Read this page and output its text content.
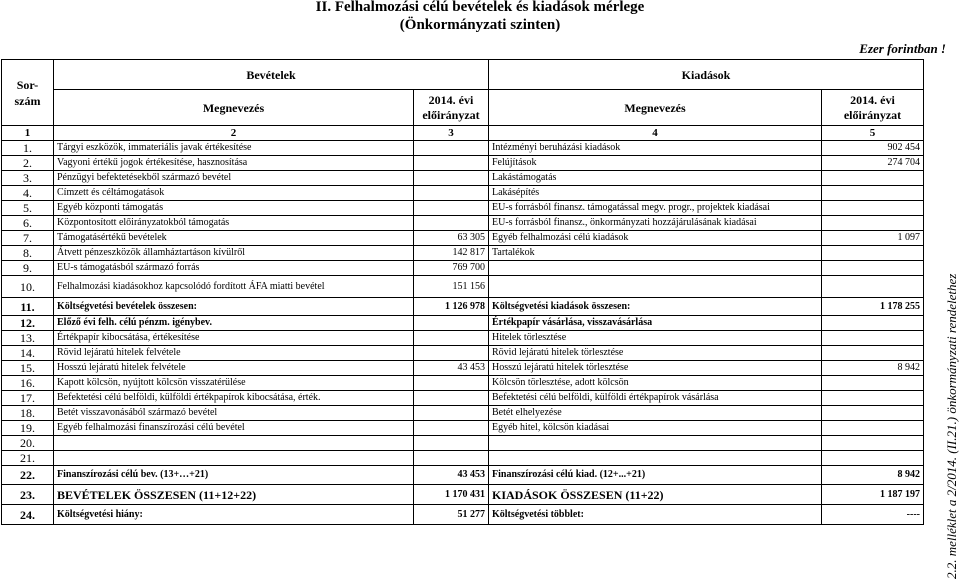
II. Felhalmozási célú bevételek és kiadások mérlege
(Önkormányzati szinten)
Ezer forintban !
Sor-szám	Bevételek		Kiadások	
	Megnevezés	2014. évi előirányzat	Megnevezés	2014. évi előirányzat
1	2	3	4	5
1.	Tárgyi eszközök, immateriális javak értékesítése		Intézményi beruházási kiadások	902 454
2.	Vagyoni értékű jogok értékesítése, hasznosítása		Felújítások	274 704
3.	Pénzügyi befektetésekből származó bevétel		Lakástámogatás	
4.	Címzett és céltámogatások		Lakásépítés	
5.	Egyéb központi támogatás		EU-s forrásból finansz. támogatással megv. progr., projektek kiadásai	
6.	Központosított előirányzatokból támogatás		EU-s forrásból finansz., önkormányzati hozzájárulásának kiadásai	
7.	Támogatásértékű bevételek	63 305	Egyéb felhalmozási célú kiadások	1 097
8.	Átvett pénzeszközök államháztartáson kívülről	142 817	Tartalékok	
9.	EU-s támogatásból származó forrás	769 700		
10.	Felhalmozási kiadásokhoz kapcsolódó fordított ÁFA miatti bevétel	151 156		
11.	Költségvetési bevételek összesen:	1 126 978	Költségvetési kiadások összesen:	1 178 255
12.	Előző évi felh. célú pénzm. igénybev.		Értékpapír vásárlása, visszavásárlása	
13.	Értékpapír kibocsátása, értékesítése		Hitelek törlesztése	
14.	Rövid lejáratú hitelek felvétele		Rövid lejáratú hitelek törlesztése	
15.	Hosszú lejáratú hitelek felvétele	43 453	Hosszú lejáratú hitelek törlesztése	8 942
16.	Kapott kölcsön, nyújtott kölcsön visszatérülése		Kölcsön törlesztése, adott kölcsön	
17.	Befektetési célú belföldi, külföldi értékpapírok kibocsátása, érték.		Befektetési célú belföldi, külföldi értékpapírok vásárlása	
18.	Betét visszavonásából származó bevétel		Betét elhelyezése	
19.	Egyéb felhalmozási finanszírozási célú bevétel		Egyéb hitel, kölcsön kiadásai	
20.				
21.				
22.	Finanszírozási célú bev. (13+…+21)	43 453	Finanszírozási célú kiad. (12+...+21)	8 942
23.	BEVÉTELEK ÖSSZESEN (11+12+22)	1 170 431	KIADÁSOK ÖSSZESEN (11+22)	1 187 197
24.	Költségvetési hiány:	51 277	Költségvetési többlet:	---- 2.2. melléklet a 2/2014. (II.21.) önkormányzati rendelethez
